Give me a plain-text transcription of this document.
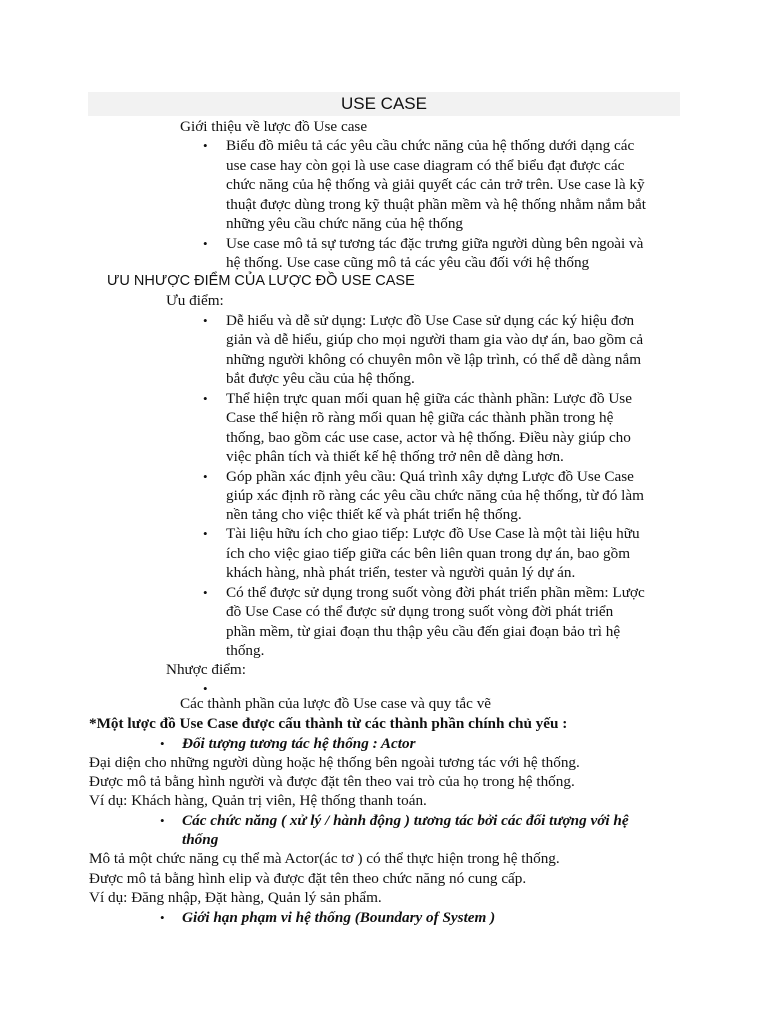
USE CASE
Giới thiệu về lược đồ Use case
• Biểu đồ miêu tả các yêu cầu chức năng của hệ thống dưới dạng các
use case hay còn gọi là use case diagram có thể biểu đạt được các
chức năng của hệ thống và giải quyết các cản trở trên. Use case là kỹ
thuật được dùng trong kỹ thuật phần mềm và hệ thống nhằm nắm bắt
những yêu cầu chức năng của hệ thống
• Use case mô tả sự tương tác đặc trưng giữa người dùng bên ngoài và
hệ thống. Use case cũng mô tả các yêu cầu đối với hệ thống
ƯU NHƯỢC ĐIỂM CỦA LƯỢC ĐỒ USE CASE
Ưu điểm:
• Dễ hiểu và dễ sử dụng: Lược đồ Use Case sử dụng các ký hiệu đơn
giản và dễ hiểu, giúp cho mọi người tham gia vào dự án, bao gồm cả
những người không có chuyên môn về lập trình, có thể dễ dàng nắm
bắt được yêu cầu của hệ thống.
• Thể hiện trực quan mối quan hệ giữa các thành phần: Lược đồ Use
Case thể hiện rõ ràng mối quan hệ giữa các thành phần trong hệ
thống, bao gồm các use case, actor và hệ thống. Điều này giúp cho
việc phân tích và thiết kế hệ thống trở nên dễ dàng hơn.
• Góp phần xác định yêu cầu: Quá trình xây dựng Lược đồ Use Case
giúp xác định rõ ràng các yêu cầu chức năng của hệ thống, từ đó làm
nền tảng cho việc thiết kế và phát triển hệ thống.
• Tài liệu hữu ích cho giao tiếp: Lược đồ Use Case là một tài liệu hữu
ích cho việc giao tiếp giữa các bên liên quan trong dự án, bao gồm
khách hàng, nhà phát triển, tester và người quản lý dự án.
• Có thể được sử dụng trong suốt vòng đời phát triển phần mềm: Lược
đồ Use Case có thể được sử dụng trong suốt vòng đời phát triển
phần mềm, từ giai đoạn thu thập yêu cầu đến giai đoạn bảo trì hệ
thống.
Nhược điểm:
•
Các thành phần của lược đồ Use case và quy tắc vẽ
*Một lược đồ Use Case được cấu thành từ các thành phần chính chủ yếu :
• Đối tượng tương tác hệ thống : Actor
Đại diện cho những người dùng hoặc hệ thống bên ngoài tương tác với hệ thống.
Được mô tả bằng hình người và được đặt tên theo vai trò của họ trong hệ thống.
Ví dụ: Khách hàng, Quản trị viên, Hệ thống thanh toán.
• Các chức năng ( xử lý / hành động ) tương tác bởi các đối tượng với hệ
thống
Mô tả một chức năng cụ thể mà Actor(ác tơ ) có thể thực hiện trong hệ thống.
Được mô tả bằng hình elip và được đặt tên theo chức năng nó cung cấp.
Ví dụ: Đăng nhập, Đặt hàng, Quản lý sản phẩm.
• Giới hạn phạm vi hệ thống (Boundary of System )
